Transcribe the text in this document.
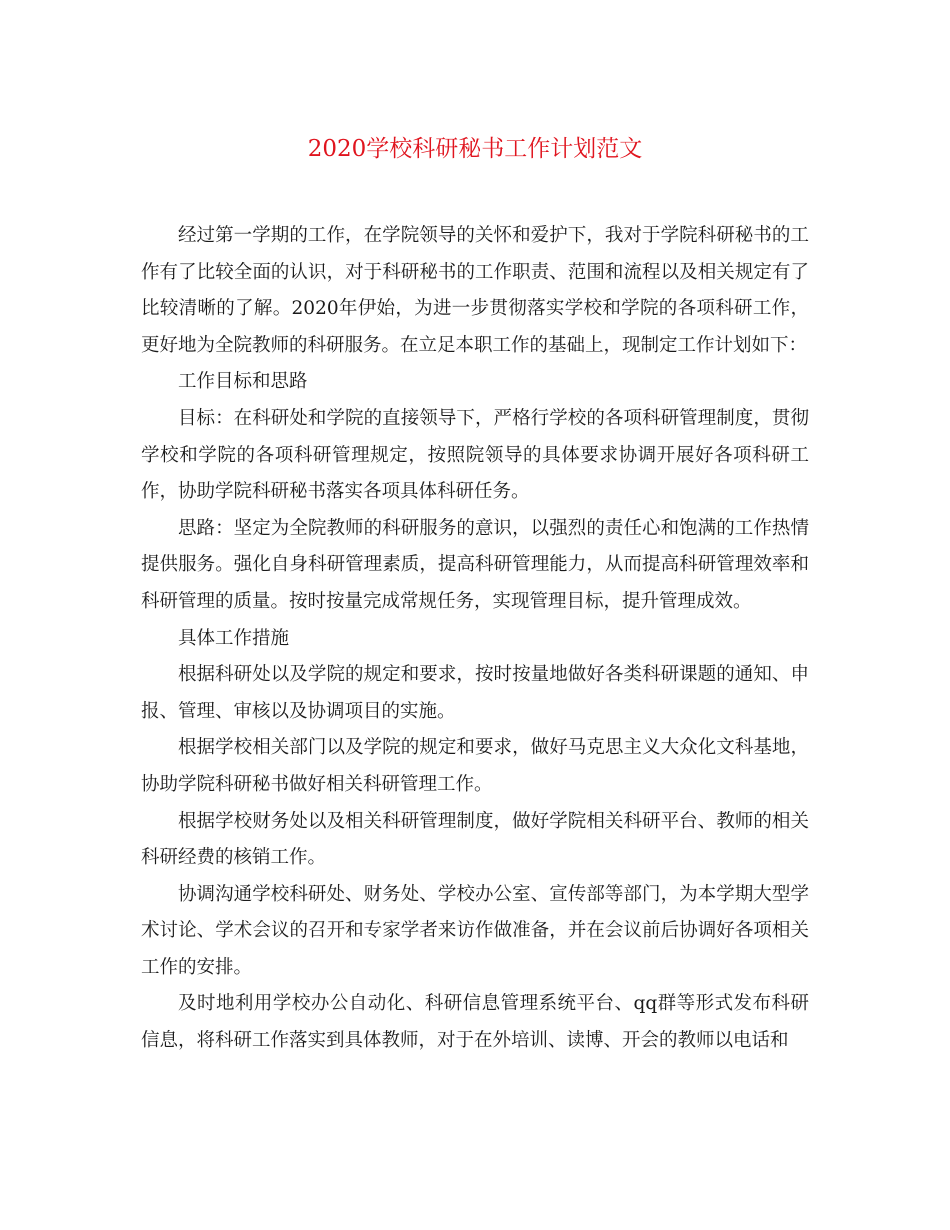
2020学校科研秘书工作计划范文

经过第一学期的工作，在学院领导的关怀和爱护下，我对于学院科研秘书的工作有了比较全面的认识，对于科研秘书的工作职责、范围和流程以及相关规定有了比较清晰的了解。2020年伊始，为进一步贯彻落实学校和学院的各项科研工作，更好地为全院教师的科研服务。在立足本职工作的基础上，现制定工作计划如下：

工作目标和思路

目标：在科研处和学院的直接领导下，严格行学校的各项科研管理制度，贯彻学校和学院的各项科研管理规定，按照院领导的具体要求协调开展好各项科研工作，协助学院科研秘书落实各项具体科研任务。

思路：坚定为全院教师的科研服务的意识，以强烈的责任心和饱满的工作热情提供服务。强化自身科研管理素质，提高科研管理能力，从而提高科研管理效率和科研管理的质量。按时按量完成常规任务，实现管理目标，提升管理成效。

具体工作措施

根据科研处以及学院的规定和要求，按时按量地做好各类科研课题的通知、申报、管理、审核以及协调项目的实施。

根据学校相关部门以及学院的规定和要求，做好马克思主义大众化文科基地，协助学院科研秘书做好相关科研管理工作。

根据学校财务处以及相关科研管理制度，做好学院相关科研平台、教师的相关科研经费的核销工作。

协调沟通学校科研处、财务处、学校办公室、宣传部等部门，为本学期大型学术讨论、学术会议的召开和专家学者来访作做准备，并在会议前后协调好各项相关工作的安排。

及时地利用学校办公自动化、科研信息管理系统平台、qq群等形式发布科研信息，将科研工作落实到具体教师，对于在外培训、读博、开会的教师以电话和
